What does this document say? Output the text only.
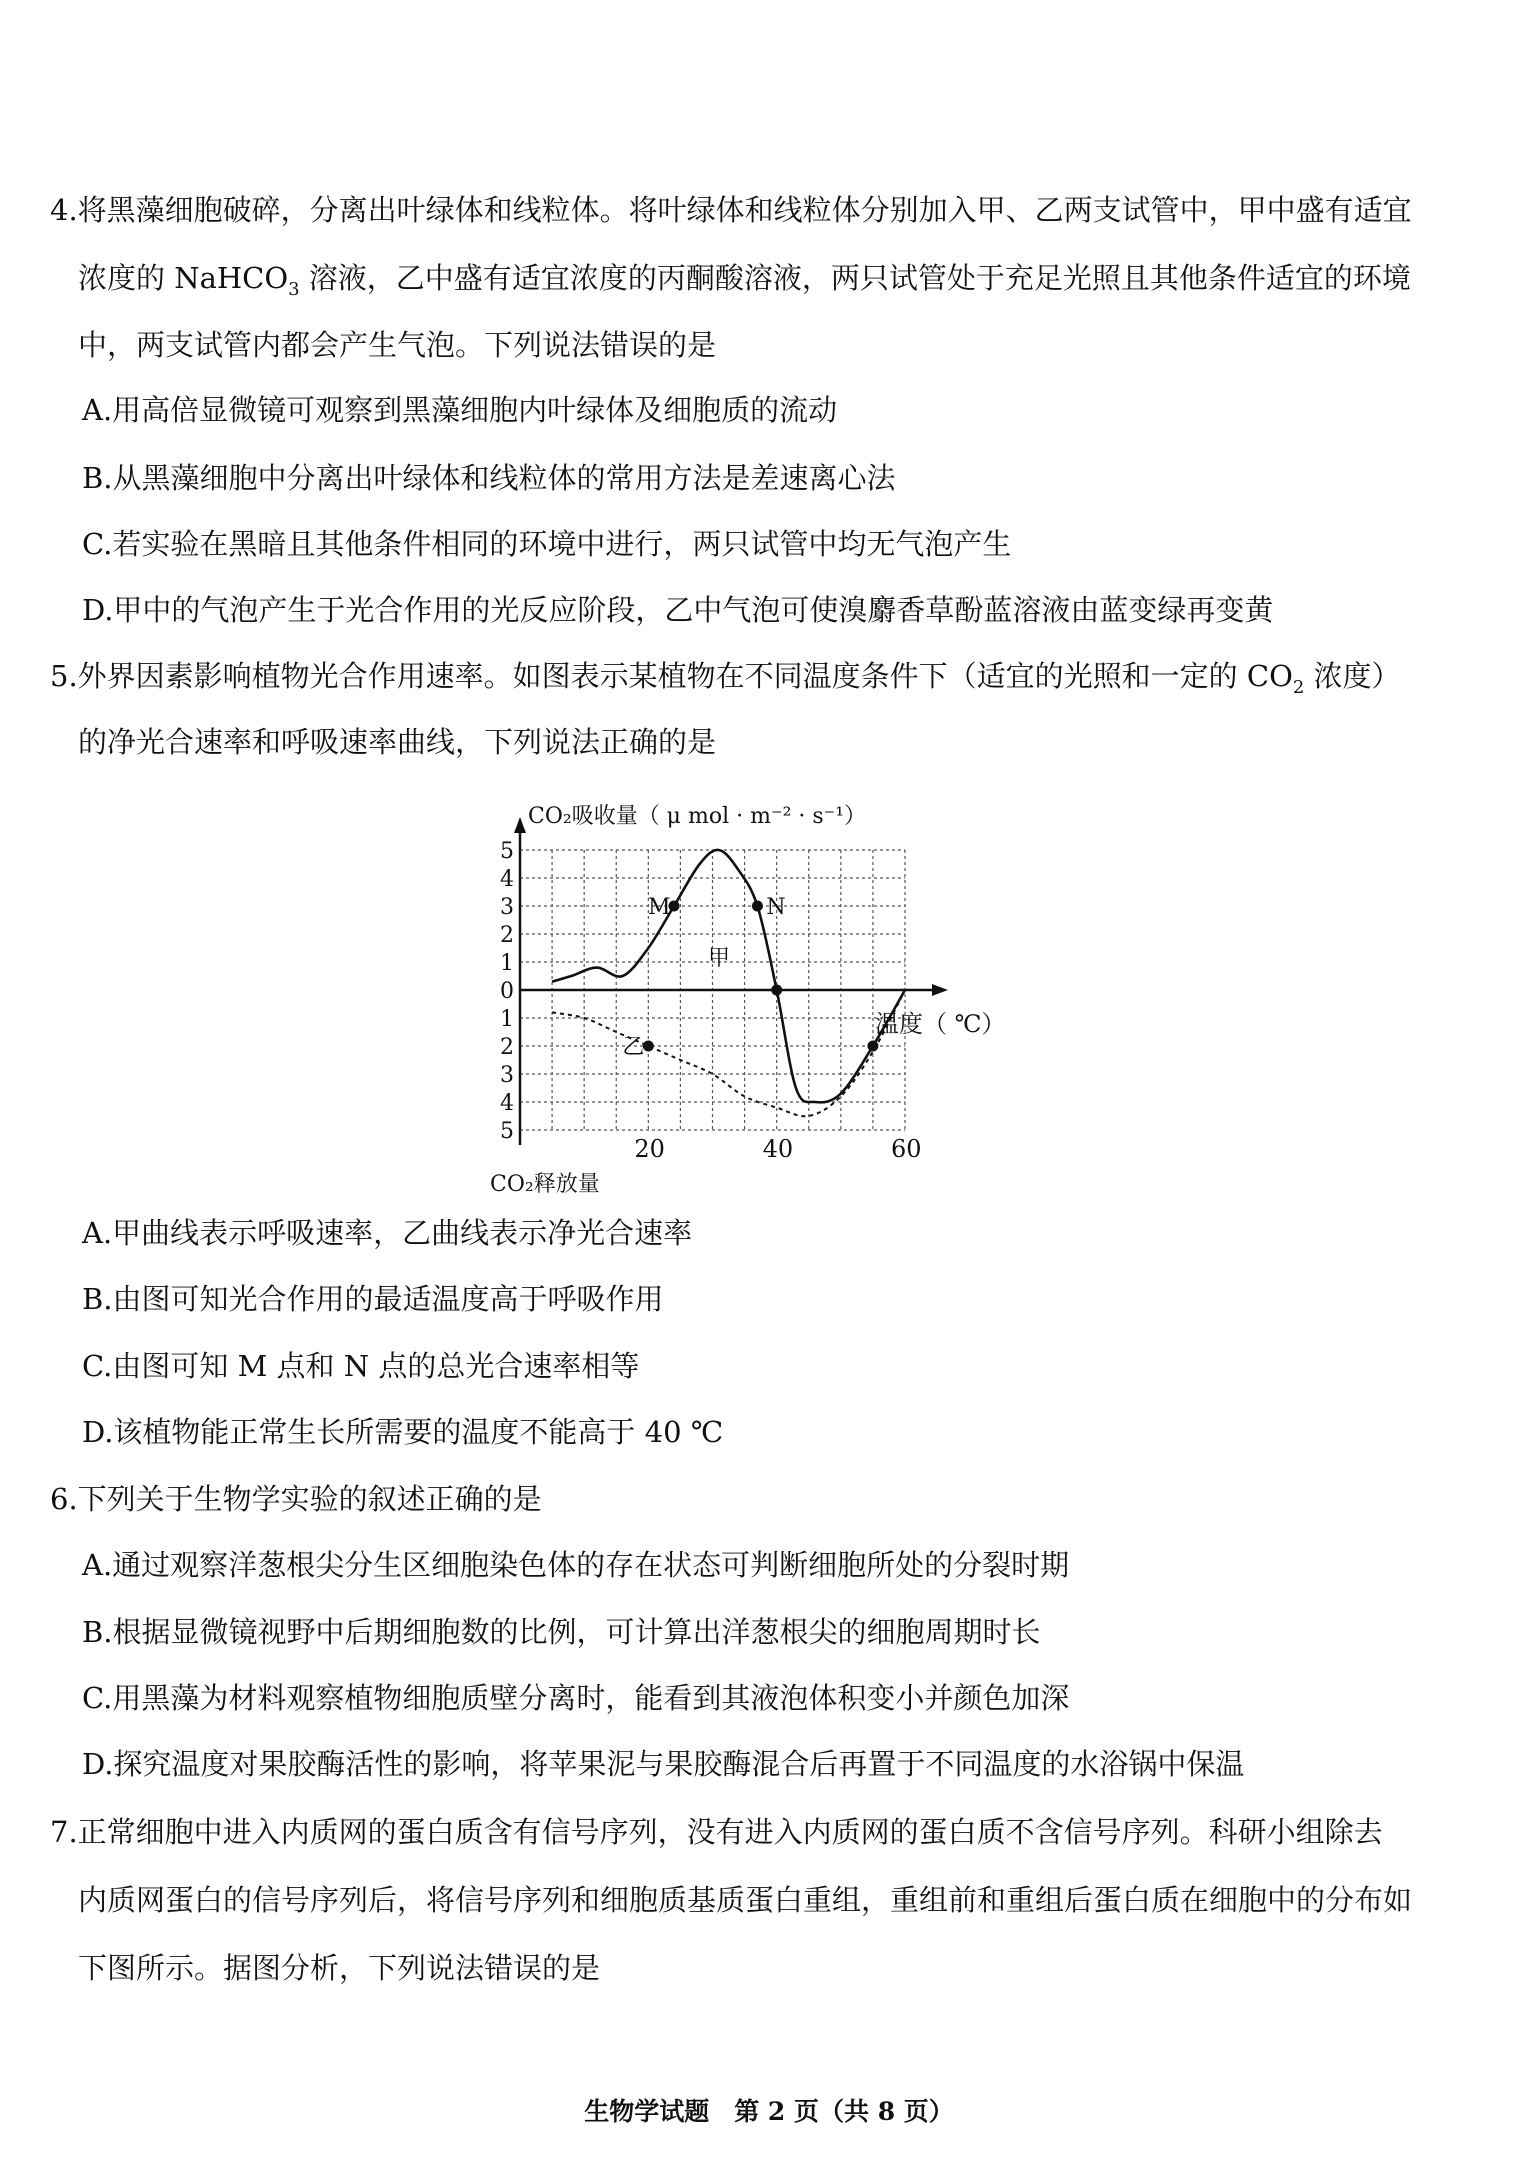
4.将黑藻细胞破碎，分离出叶绿体和线粒体。将叶绿体和线粒体分别加入甲、乙两支试管中，甲中盛有适宜
浓度的 NaHCO$_3$ 溶液，乙中盛有适宜浓度的丙酮酸溶液，两只试管处于充足光照且其他条件适宜的环境
中，两支试管内都会产生气泡。下列说法错误的是
A.用高倍显微镜可观察到黑藻细胞内叶绿体及细胞质的流动
B.从黑藻细胞中分离出叶绿体和线粒体的常用方法是差速离心法
C.若实验在黑暗且其他条件相同的环境中进行，两只试管中均无气泡产生
D.甲中的气泡产生于光合作用的光反应阶段，乙中气泡可使溴麝香草酚蓝溶液由蓝变绿再变黄
5.外界因素影响植物光合作用速率。如图表示某植物在不同温度条件下（适宜的光照和一定的 $CO_2$ 浓度）
的净光合速率和呼吸速率曲线，下列说法正确的是
5
4
3
2
1
0
1
2
3
4
5
20	40	60
M	N
乙
CO₂吸收量（ μ mol · m⁻² · s⁻¹）
CO₂释放量
温度（ ℃）
甲
A.甲曲线表示呼吸速率，乙曲线表示净光合速率
B.由图可知光合作用的最适温度高于呼吸作用
C.由图可知 M 点和 N 点的总光合速率相等
D.该植物能正常生长所需要的温度不能高于 40 ℃
6.下列关于生物学实验的叙述正确的是
A.通过观察洋葱根尖分生区细胞染色体的存在状态可判断细胞所处的分裂时期
B.根据显微镜视野中后期细胞数的比例，可计算出洋葱根尖的细胞周期时长
C.用黑藻为材料观察植物细胞质壁分离时，能看到其液泡体积变小并颜色加深
D.探究温度对果胶酶活性的影响，将苹果泥与果胶酶混合后再置于不同温度的水浴锅中保温
7.正常细胞中进入内质网的蛋白质含有信号序列，没有进入内质网的蛋白质不含信号序列。科研小组除去
内质网蛋白的信号序列后，将信号序列和细胞质基质蛋白重组，重组前和重组后蛋白质在细胞中的分布如
下图所示。据图分析，下列说法错误的是
生物学试题　第 2 页（共 8 页）
